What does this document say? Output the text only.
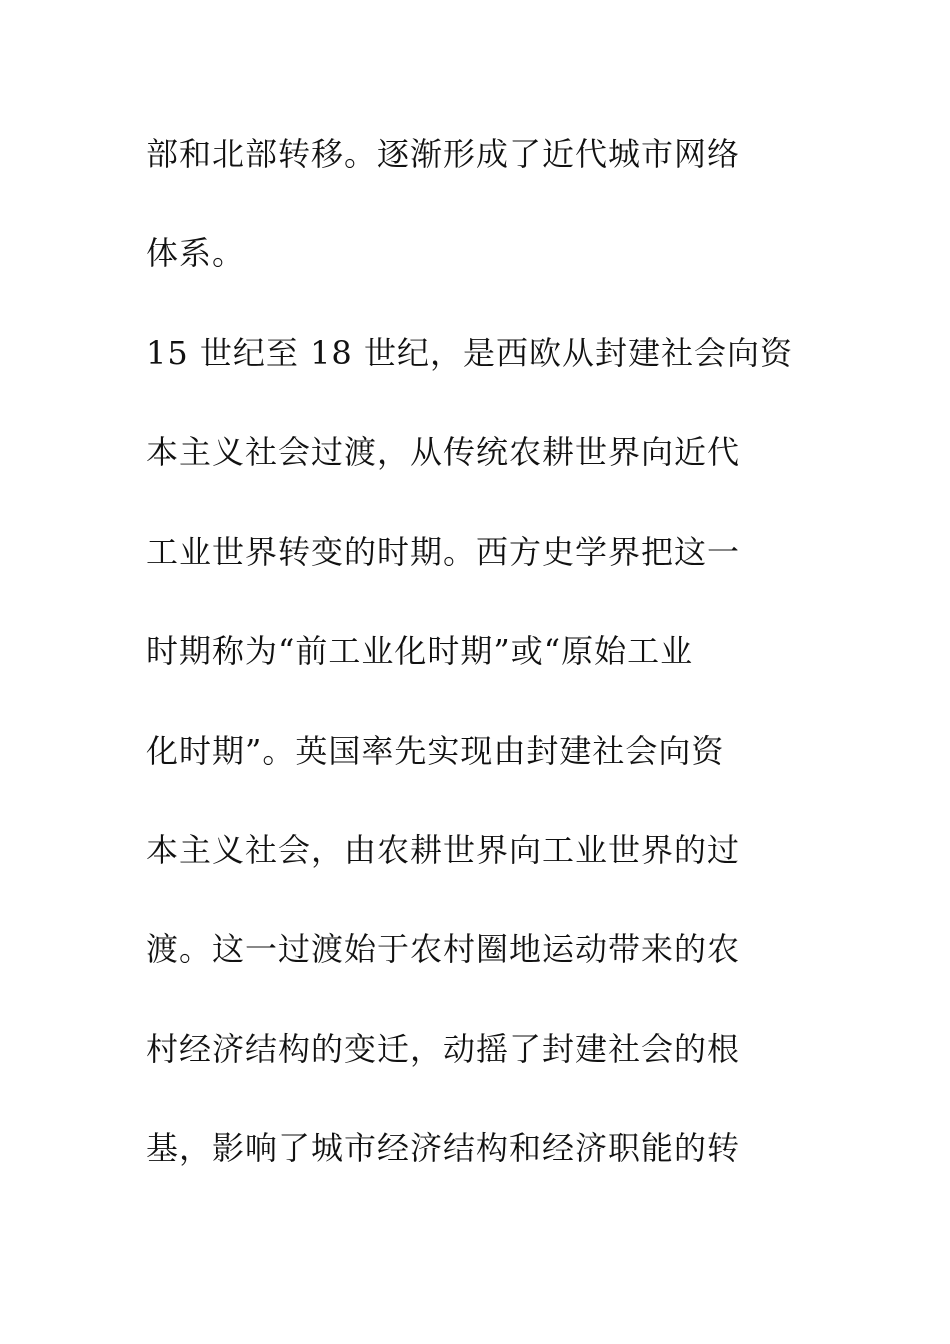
部和北部转移。逐渐形成了近代城市网络
体系。
15 世纪至 18 世纪，是西欧从封建社会向资
本主义社会过渡，从传统农耕世界向近代
工业世界转变的时期。西方史学界把这一
时期称为“前工业化时期”或“原始工业
化时期”。英国率先实现由封建社会向资
本主义社会，由农耕世界向工业世界的过
渡。这一过渡始于农村圈地运动带来的农
村经济结构的变迁，动摇了封建社会的根
基，影响了城市经济结构和经济职能的转
